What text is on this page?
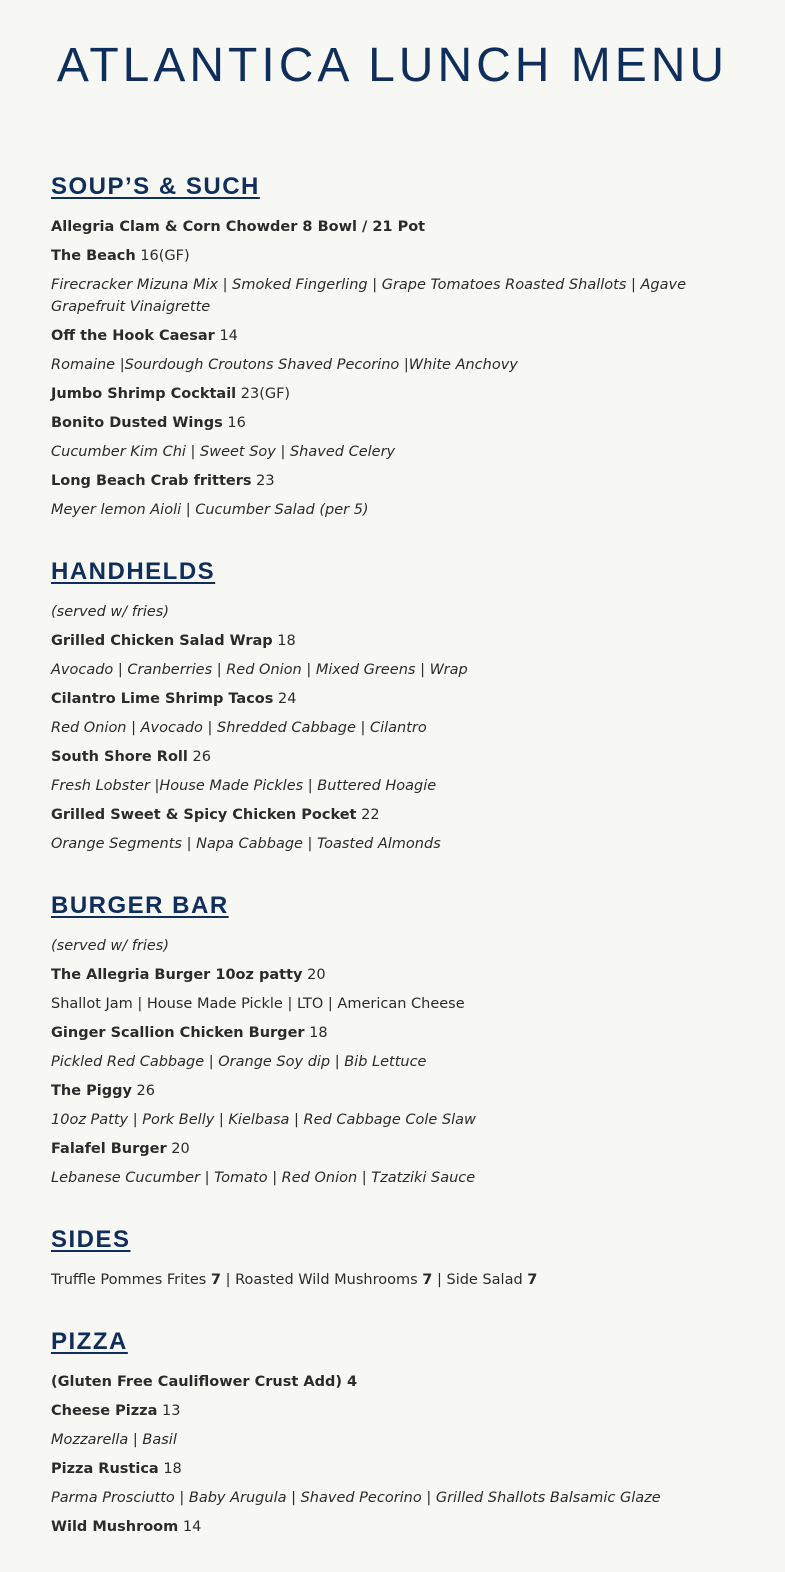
ATLANTICA LUNCH MENU
SOUP’S & SUCH

Allegria Clam & Corn Chowder 8 Bowl / 21 Pot

The Beach 16(GF)

Firecracker Mizuna Mix | Smoked Fingerling | Grape Tomatoes Roasted Shallots | Agave Grapefruit Vinaigrette

Off the Hook Caesar 14

Romaine |Sourdough Croutons Shaved Pecorino |White Anchovy

Jumbo Shrimp Cocktail 23(GF)

Bonito Dusted Wings 16

Cucumber Kim Chi | Sweet Soy | Shaved Celery

Long Beach Crab fritters 23

Meyer lemon Aioli | Cucumber Salad (per 5)

HANDHELDS

(served w/ fries)

Grilled Chicken Salad Wrap 18

Avocado | Cranberries | Red Onion | Mixed Greens | Wrap

Cilantro Lime Shrimp Tacos 24

Red Onion | Avocado | Shredded Cabbage | Cilantro

South Shore Roll 26

Fresh Lobster |House Made Pickles | Buttered Hoagie

Grilled Sweet & Spicy Chicken Pocket 22

Orange Segments | Napa Cabbage | Toasted Almonds

BURGER BAR

(served w/ fries)

The Allegria Burger 10oz patty 20

Shallot Jam | House Made Pickle | LTO | American Cheese

Ginger Scallion Chicken Burger 18

Pickled Red Cabbage | Orange Soy dip | Bib Lettuce

The Piggy 26

10oz Patty | Pork Belly | Kielbasa | Red Cabbage Cole Slaw

Falafel Burger 20

Lebanese Cucumber | Tomato | Red Onion | Tzatziki Sauce

SIDES

Truffle Pommes Frites 7 | Roasted Wild Mushrooms 7 | Side Salad 7

PIZZA

(Gluten Free Cauliflower Crust Add) 4

Cheese Pizza 13

Mozzarella | Basil

Pizza Rustica 18

Parma Prosciutto | Baby Arugula | Shaved Pecorino | Grilled Shallots Balsamic Glaze

Wild Mushroom 14
